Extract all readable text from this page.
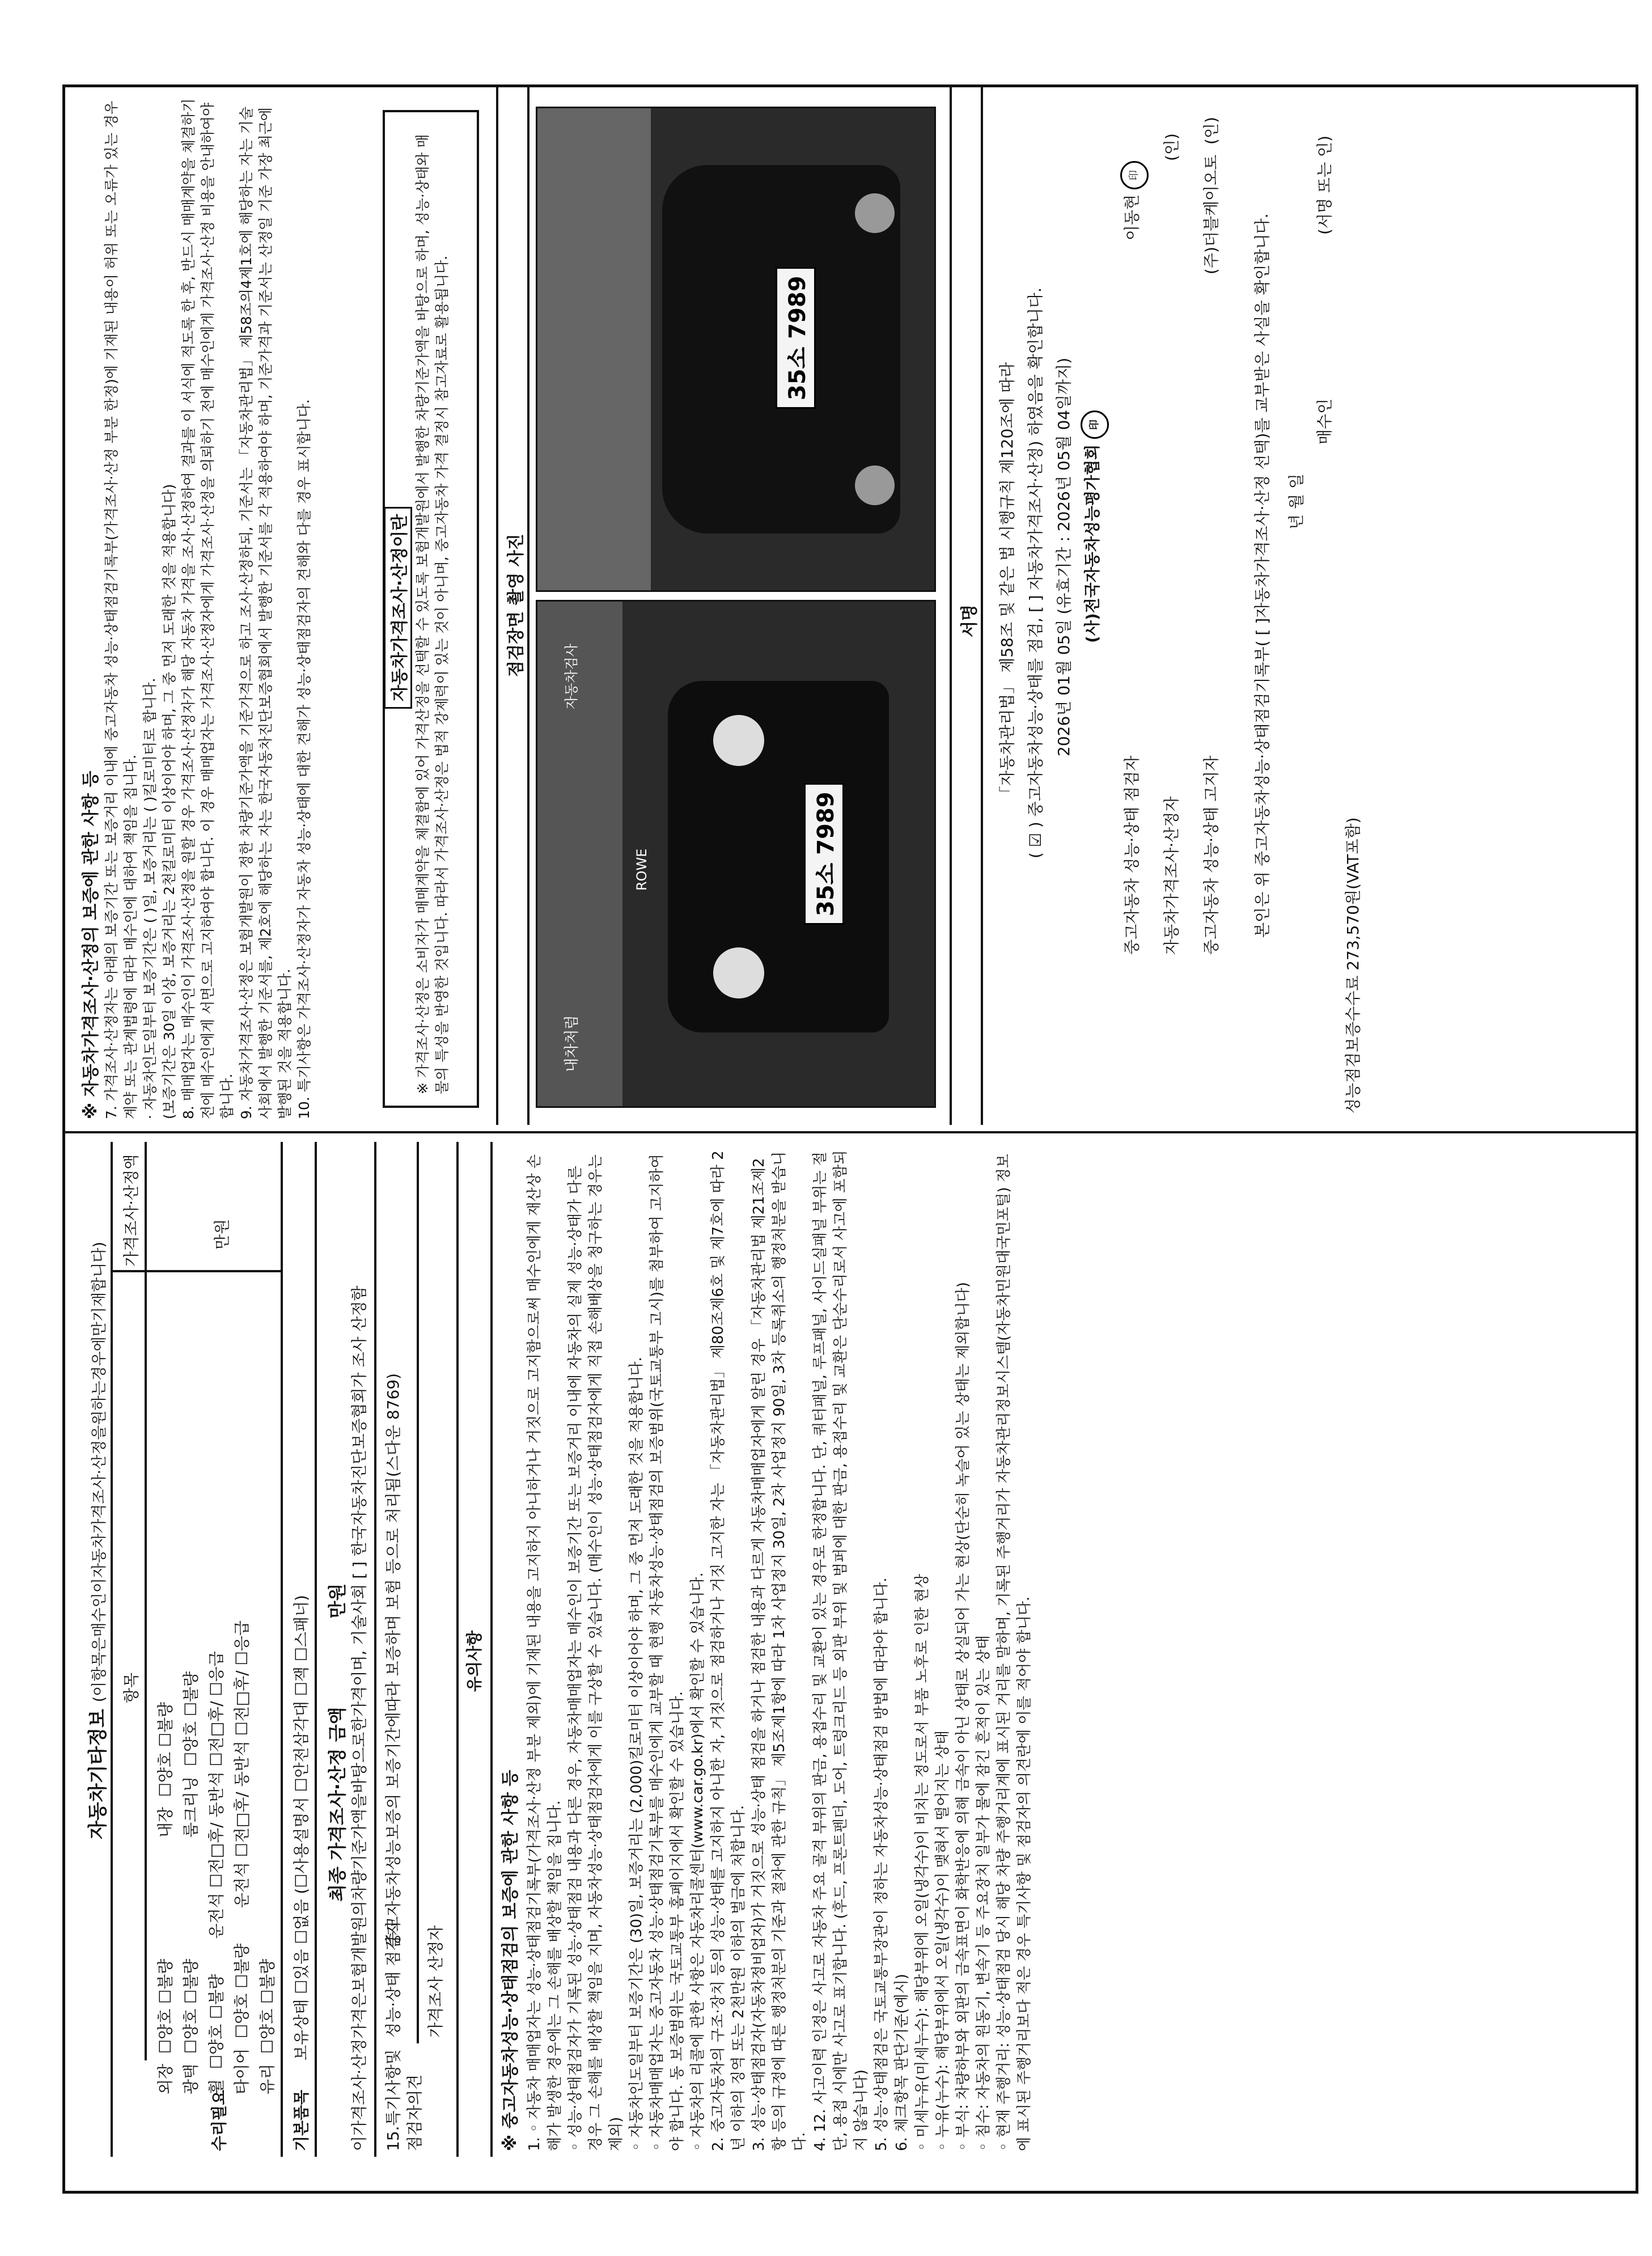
자동차기타정보 (이항목은매수인이자동차가격조사·산정을원하는경우에만기재합니다) 항목
가격조사·산정액
수리필요
외장  ☐양호 ☐불량                        내장  ☐양호 ☐불량
광택  ☐양호 ☐불량                        룸크리닝  ☐양호 ☐불량
휠  ☐양호 ☐불량       운전석 ☐전□후/ 동반석 ☐전□후/ ☐응급
타이어  ☐양호 ☐불량       운전석 ☐전□후/ 동반석 ☐전□후/ ☐응급
유리  ☐양호 ☐불량
기본품목
보유상태 ☐있음 ☐없음 (☐사용설명서 ☐안전삼각대 ☐잭 ☐스패너)
만원
최종 가격조사·산정 금액              만원 이가격조사·산정가격은보험개발원의차량기준가액을바탕으로한가격이며, 기술사회 [ ] 한국자동차진단보증협회가 조사 산정함 15.특기사항및 점검자의견
성능·상태 점검자
중고자동차성능보증의 보증기간에따라 보증하며 보험 등으로 처리됨(스다운 8769)
가격조사 산정자
유의사항
※ 중고자동차성능·상태점검의 보증에 관한 사항 등 1. ◦ 자동차 매매업자는 성능·상태점검기록부(가격조사·산정 부분 제외)에 기재된 내용을 고지하지 아니하거나 거짓으로 고지함으로써 매수인에게 재산상 손해가 발생한 경우에는 그 손해를 배상할 책임을 집니다. ◦ 성능·상태점검자가 기록된 성능·상태점검 내용과 다른 경우, 자동차매매업자는 매수인이 보증기간 또는 보증거리 이내에 자동차의 실제 성능·상태가 다른 경우 그 손해를 배상할 책임을 지며, 자동차성능·상태점검자에게 이를 구상할 수 있습니다. (매수인이 성능·상태점검자에게 직접 손해배상을 청구하는 경우는 제외) ◦ 자동차인도일부터 보증기간은 (30)일, 보증거리는 (2,000)킬로미터 이상이어야 하며, 그 중 먼저 도래한 것을 적용합니다. ◦ 자동차매매업자는 중고자동차 성능·상태점검기록부를 매수인에게 교부할 때 현행 자동차성능·상태점검의 보증범위(국토교통부 고시)를 첨부하여 고지하여야 합니다. 동 보증범위는 국토교통부 홈페이지에서 확인할 수 있습니다. ◦ 자동차의 리콜에 관한 사항은 자동차리콜센터(www.car.go.kr)에서 확인할 수 있습니다. 2. 중고자동차의 구조·장치 등의 성능·상태를 고지하지 아니한 자, 거짓으로 점검하거나 거짓 고지한 자는 「자동차관리법」 제80조제6호 및 제7호에 따라 2년 이하의 징역 또는 2천만원 이하의 벌금에 처합니다. 3. 성능·상태점검자(자동차정비업자)가 거짓으로 성능·상태 점검을 하거나 점검한 내용과 다르게 자동차매매업자에게 알린 경우 「자동차관리법 제21조제2항 등의 규정에 따른 행정처분의 기준과 절차에 관한 규칙」 제5조제1항에 따라 1차 사업정지 30일, 2차 사업정지 90일, 3차 등록취소의 행정처분을 받습니다. 4. 12. 사고이력 인정은 사고로 자동차 주요 골격 부위의 판금, 용접수리 및 교환이 있는 경우로 한정합니다. 단, 쿼터패널, 루프패널, 사이드실패널 부위는 절단, 용접 시에만 사고로 표기합니다. (후드, 프론트펜더, 도어, 트렁크리드 등 외판 부위 및 범퍼에 대한 판금, 용접수리 및 교환은 단순수리로서 사고에 포함되지 않습니다) 5. 성능·상태점검은 국토교통부장관이 정하는 자동차성능·상태점검 방법에 따라야 합니다. 6. 체크항목 판단기준(예시) ◦ 미세누유(미세누수): 해당부위에 오일(냉각수)이 비치는 정도로서 부품 노후로 인한 현상 ◦ 누유(누수): 해당부위에서 오일(냉각수)이 맺혀서 떨어지는 상태 ◦ 부식: 차량하부와 외판의 금속표면이 화학반응에 의해 금속이 아닌 상태로 상실되어 가는 현상(단순히 녹슬어 있는 상태는 제외합니다) ◦ 침수: 자동차의 원동기, 변속기 등 주요장치 일부가 물에 잠긴 흔적이 있는 상태 ◦ 현재 주행거리: 성능·상태점검 당시 해당 차량 주행거리계에 표시된 거리를 말하며, 기록된 주행거리가 자동차관리정보시스템(자동차민원대국민포털) 정보에 표시된 주행거리보다 적은 경우 특기사항 및 점검자의 의견란에 이를 적어야 합니다.

※ 자동차가격조사·산정의 보증에 관한 사항 등 7. 가격조사·산정자는 아래의 보증기간 또는 보증거리 이내에 중고자동차 성능·상태점검기록부(가격조사·산정 부분 한정)에 기재된 내용이 허위 또는 오류가 있는 경우 계약 또는 관계법령에 따라 매수인에 대하여 책임을 집니다. · 자동차인도일부터 보증기간은 ( )일, 보증거리는 ( )킬로미터로 합니다. (보증기간은 30일 이상, 보증거리는 2천킬로미터 이상이어야 하며, 그 중 먼저 도래한 것을 적용합니다) 8. 매매업자는 매수인이 가격조사·산정을 원할 경우 가격조사·산정자가 해당 자동차 가격을 조사·산정하여 결과를 이 서식에 적도록 한 후, 반드시 매매계약을 체결하기 전에 매수인에게 서면으로 고지하여야 합니다. 이 경우 매매업자는 가격조사·산정자에게 가격조사·산정을 의뢰하기 전에 매수인에게 가격조사·산정 비용을 안내하여야 합니다. 9. 자동차가격조사·산정은 보험개발원이 정한 차량기준가액을 기준가격으로 하고 조사·산정하되, 기준서는 「자동차관리법」 제58조의4제1호에 해당하는 자는 기술사회에서 발행한 기준서를, 제2호에 해당하는 자는 한국자동차진단보증협회에서 발행한 기준서를 각 적용하여야 하며, 기준가격과 기준서는 산정일 기준 가장 최근에 발행된 것을 적용합니다. 10. 특기사항은 가격조사·산정자가 자동차 성능·상태에 대한 견해가 성능·상태점검자의 견해와 다를 경우 표시합니다.	자동차가격조사·산정이란 ※ 가격조사·산정은 소비자가 매매계약을 체결함에 있어 가격산정을 선택할 수 있도록 보험개발원에서 발행한 차량기준가액을 바탕으로 하며, 성능·상태와 매물의 특성을 반영한 것입니다. 따라서 가격조사·산정은 법적 강제력이 있는 것이 아니며, 중고자동차 가격 결정시 참고자료로 활용됩니다.	점검장면 촬영 사진
35소 7989
내차처럼
ROWE
자동차검사
35소 7989
서명 「자동차관리법」 제58조 및 같은 법 시행규칙 제120조에 따라 ( ☑ ) 중고자동차성능·상태를 점검, [ ] 자동차가격조사·산정) 하였음을 확인합니다. 2026년 01월 05일 (유효기간 : 2026년 05월 04일까지) (사)전국자동차성능평가협회 印
중고자동차 성능·상태 점검자
이동현 印
자동차가격조사·산정자
(인)
중고자동차 성능·상태 고지자
(주)더블케이오토  (인)
본인은 위 중고자동차성능·상태점검기록부( [ ]자동차가격조사·산정 선택)를 교부받은 사실을 확인합니다. 년 월 일
매수인
(서명 또는 인)
성능점검보증수수료 273,570원(VAT포함)
